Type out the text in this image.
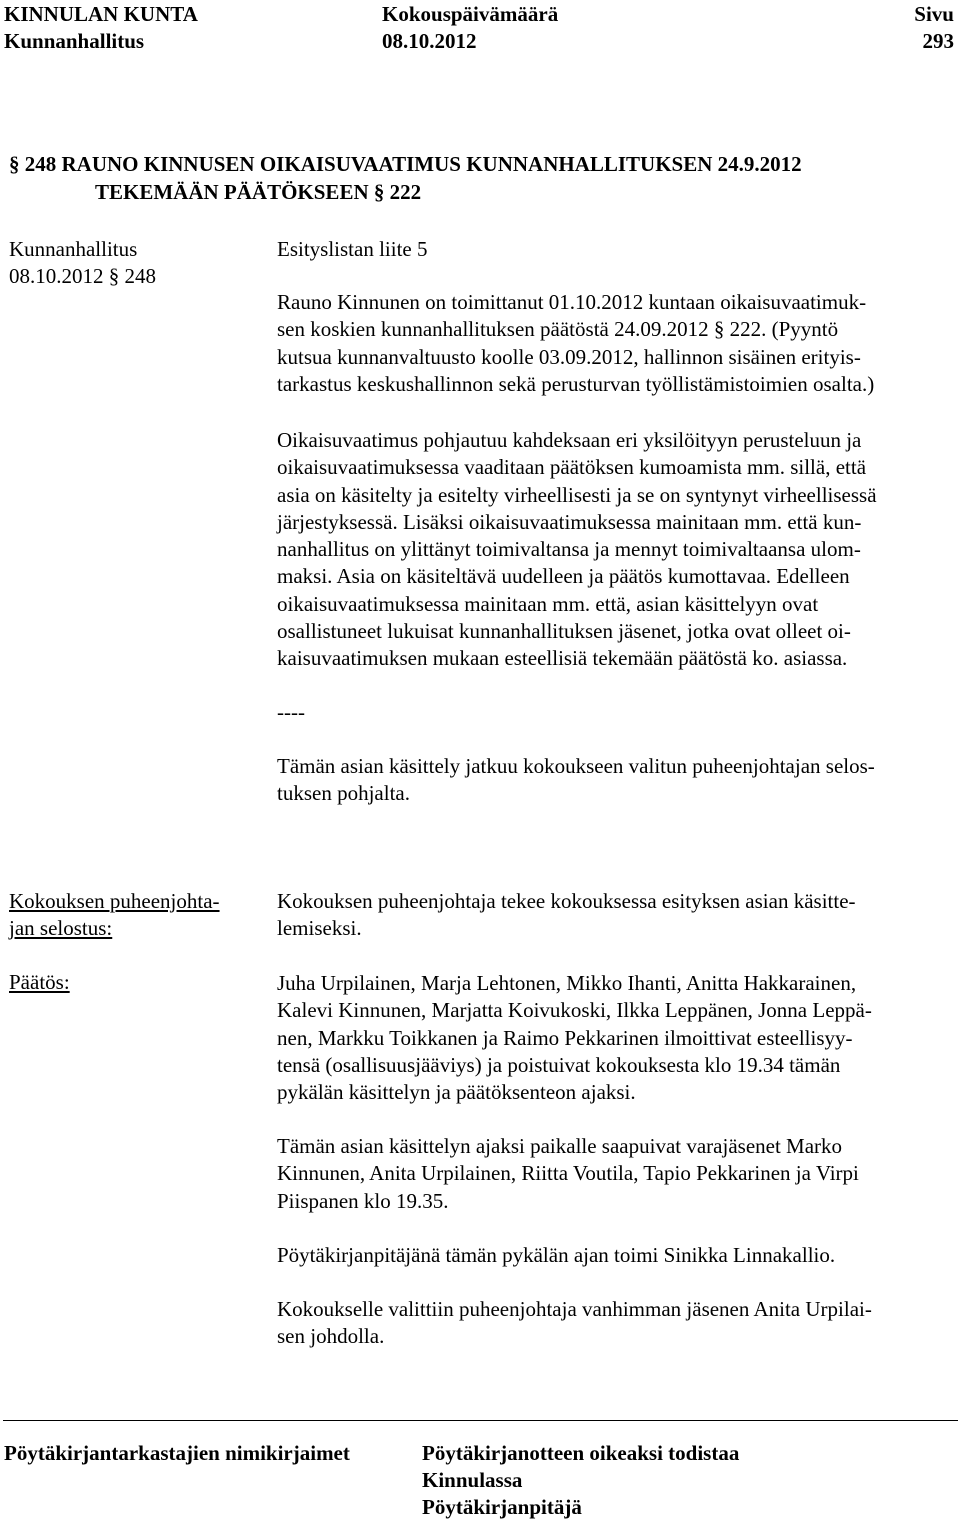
KINNULAN KUNTA
Kunnanhallitus
Kokouspäivämäärä
08.10.2012
Sivu
293
§ 248 RAUNO KINNUSEN OIKAISUVAATIMUS KUNNANHALLITUKSEN 24.9.2012
TEKEMÄÄN PÄÄTÖKSEEN § 222
Kunnanhallitus
08.10.2012 § 248
Esityslistan liite 5
Rauno Kinnunen on toimittanut 01.10.2012 kuntaan oikaisuvaatimuk-
sen koskien kunnanhallituksen päätöstä 24.09.2012 § 222. (Pyyntö
kutsua kunnanvaltuusto koolle 03.09.2012, hallinnon sisäinen erityis-
tarkastus keskushallinnon sekä perusturvan työllistämistoimien osalta.)
Oikaisuvaatimus pohjautuu kahdeksaan eri yksilöityyn perusteluun ja
oikaisuvaatimuksessa vaaditaan päätöksen kumoamista mm. sillä, että
asia on käsitelty ja esitelty virheellisesti ja se on syntynyt virheellisessä
järjestyksessä. Lisäksi oikaisuvaatimuksessa mainitaan mm. että kun-
nanhallitus on ylittänyt toimivaltansa ja mennyt toimivaltaansa ulom-
maksi. Asia on käsiteltävä uudelleen ja päätös kumottavaa. Edelleen
oikaisuvaatimuksessa mainitaan mm. että, asian käsittelyyn ovat
osallistuneet lukuisat kunnanhallituksen jäsenet, jotka ovat olleet oi-
kaisuvaatimuksen mukaan esteellisiä tekemään päätöstä ko. asiassa.
----
Tämän asian käsittely jatkuu kokoukseen valitun puheenjohtajan selos-
tuksen pohjalta.
Kokouksen puheenjohta-
jan selostus:
Kokouksen puheenjohtaja tekee kokouksessa esityksen asian käsitte-
lemiseksi.
Päätös:	Juha Urpilainen, Marja Lehtonen, Mikko Ihanti, Anitta Hakkarainen,
Kalevi Kinnunen, Marjatta Koivukoski, Ilkka Leppänen, Jonna Leppä-
nen, Markku Toikkanen ja Raimo Pekkarinen ilmoittivat esteellisyy-
tensä (osallisuusjääviys) ja poistuivat kokouksesta klo 19.34 tämän
pykälän käsittelyn ja päätöksenteon ajaksi.
Tämän asian käsittelyn ajaksi paikalle saapuivat varajäsenet Marko
Kinnunen, Anita Urpilainen, Riitta Voutila, Tapio Pekkarinen ja Virpi
Piispanen klo 19.35.
Pöytäkirjanpitäjänä tämän pykälän ajan toimi Sinikka Linnakallio.
Kokoukselle valittiin puheenjohtaja vanhimman jäsenen Anita Urpilai-
sen johdolla.
Pöytäkirjantarkastajien nimikirjaimet	Pöytäkirjanotteen oikeaksi todistaa
Kinnulassa
Pöytäkirjanpitäjä
